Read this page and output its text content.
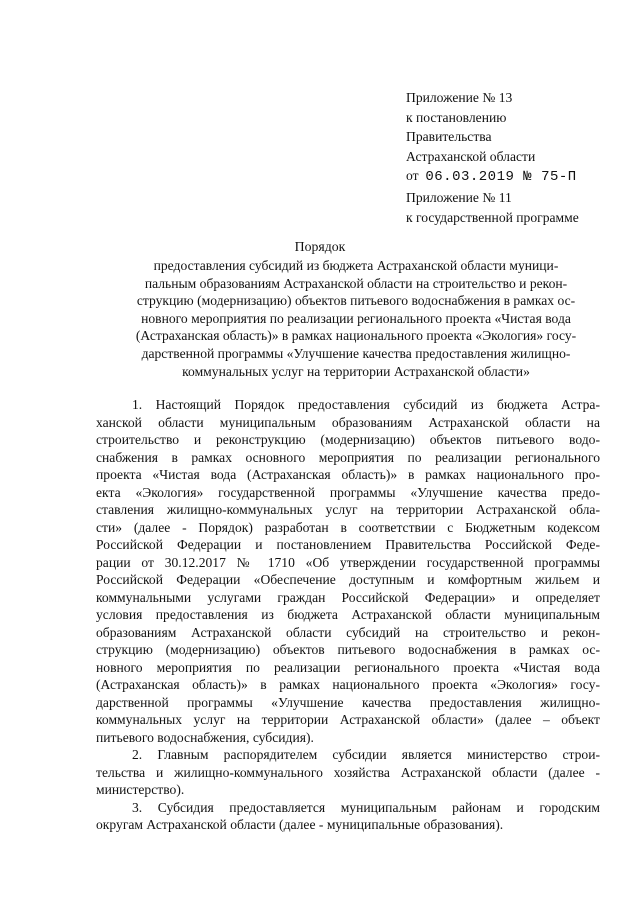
Приложение № 13
к постановлению
Правительства
Астраханской области
от 06.03.2019 № 75-П
Приложение № 11
к государственной программе
Порядок
предоставления субсидий из бюджета Астраханской области муници-
пальным образованиям Астраханской области на строительство и рекон-
струкцию (модернизацию) объектов питьевого водоснабжения в рамках ос-
новного мероприятия по реализации регионального проекта «Чистая вода
(Астраханская область)» в рамках национального проекта «Экология» госу-
дарственной программы «Улучшение качества предоставления жилищно-
коммунальных услуг на территории Астраханской области»
1. Настоящий Порядок предоставления субсидий из бюджета Астра-
ханской области муниципальным образованиям Астраханской области на
строительство и реконструкцию (модернизацию) объектов питьевого водо-
снабжения в рамках основного мероприятия по реализации регионального
проекта «Чистая вода (Астраханская область)» в рамках национального про-
екта «Экология» государственной программы «Улучшение качества предо-
ставления жилищно-коммунальных услуг на территории Астраханской обла-
сти» (далее - Порядок) разработан в соответствии с Бюджетным кодексом
Российской Федерации и постановлением Правительства Российской Феде-
рации от 30.12.2017 № 1710 «Об утверждении государственной программы
Российской Федерации «Обеспечение доступным и комфортным жильем и
коммунальными услугами граждан Российской Федерации» и определяет
условия предоставления из бюджета Астраханской области муниципальным
образованиям Астраханской области субсидий на строительство и рекон-
струкцию (модернизацию) объектов питьевого водоснабжения в рамках ос-
новного мероприятия по реализации регионального проекта «Чистая вода
(Астраханская область)» в рамках национального проекта «Экология» госу-
дарственной программы «Улучшение качества предоставления жилищно-
коммунальных услуг на территории Астраханской области» (далее – объект
питьевого водоснабжения, субсидия).
2. Главным распорядителем субсидии является министерство строи-
тельства и жилищно-коммунального хозяйства Астраханской области (далее -
министерство).
3. Субсидия предоставляется муниципальным районам и городским
округам Астраханской области (далее - муниципальные образования).
